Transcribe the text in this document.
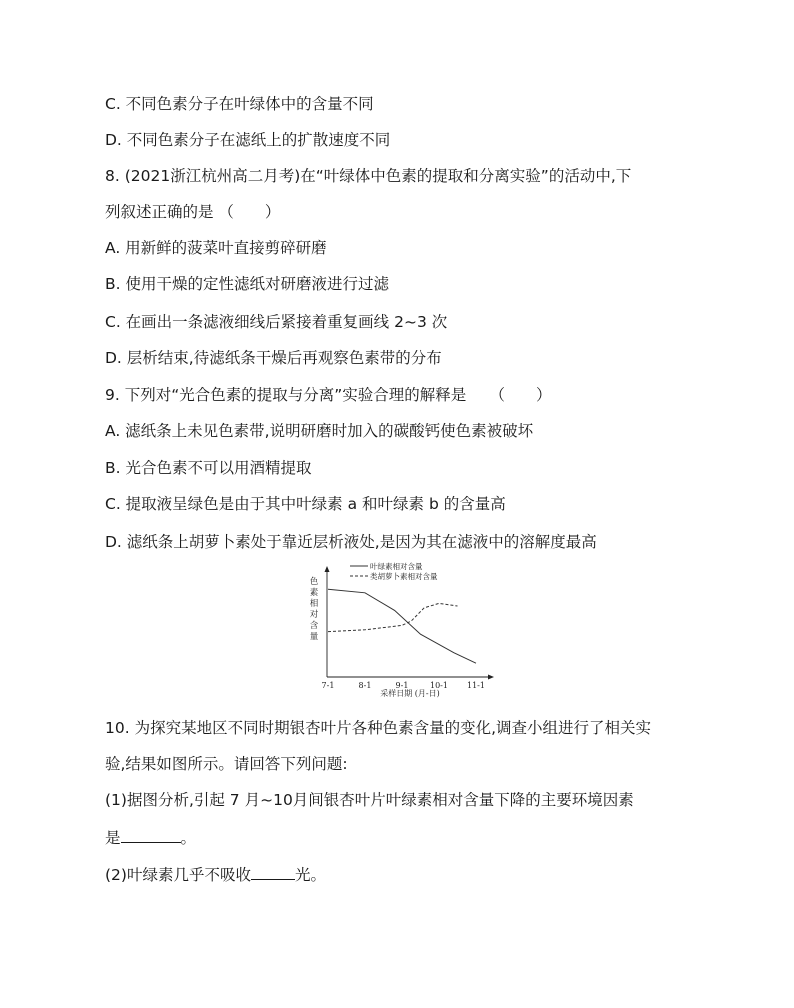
C. 不同色素分子在叶绿体中的含量不同
D. 不同色素分子在滤纸上的扩散速度不同
8. (2021浙江杭州高二月考)在“叶绿体中色素的提取和分离实验”的活动中,下
列叙述正确的是 （　　）
A. 用新鲜的菠菜叶直接剪碎研磨
B. 使用干燥的定性滤纸对研磨液进行过滤
C. 在画出一条滤液细线后紧接着重复画线 2~3 次
D. 层析结束,待滤纸条干燥后再观察色素带的分布
9. 下列对“光合色素的提取与分离”实验合理的解释是　　（　　）
A. 滤纸条上未见色素带,说明研磨时加入的碳酸钙使色素被破坏
B. 光合色素不可以用酒精提取
C. 提取液呈绿色是由于其中叶绿素 a 和叶绿素 b 的含量高
D. 滤纸条上胡萝卜素处于靠近层析液处,是因为其在滤液中的溶解度最高
10. 为探究某地区不同时期银杏叶片各种色素含量的变化,调查小组进行了相关实
验,结果如图所示。请回答下列问题:
(1)据图分析,引起 7 月~10月间银杏叶片叶绿素相对含量下降的主要环境因素
是	。
(2)叶绿素几乎不吸收	光。
7-1	8-1	9-1	10-1 11-1
色
素
相
对
含
量
叶绿素相对含量
类胡萝卜素相对含量
采样日期 (月-日)
